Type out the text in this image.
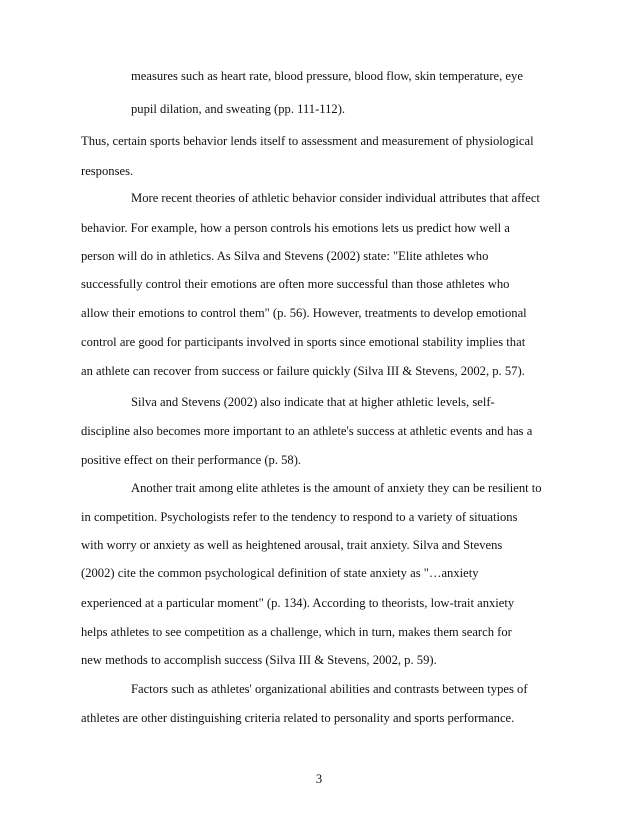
measures such as heart rate, blood pressure, blood flow, skin temperature, eye
pupil dilation, and sweating (pp. 111-112).
Thus, certain sports behavior lends itself to assessment and measurement of physiological
responses.
More recent theories of athletic behavior consider individual attributes that affect
behavior. For example, how a person controls his emotions lets us predict how well a
person will do in athletics. As Silva and Stevens (2002) state: "Elite athletes who
successfully control their emotions are often more successful than those athletes who
allow their emotions to control them" (p. 56). However, treatments to develop emotional
control are good for participants involved in sports since emotional stability implies that
an athlete can recover from success or failure quickly (Silva III & Stevens, 2002, p. 57).
Silva and Stevens (2002) also indicate that at higher athletic levels, self-
discipline also becomes more important to an athlete's success at athletic events and has a
positive effect on their performance (p. 58).
Another trait among elite athletes is the amount of anxiety they can be resilient to
in competition. Psychologists refer to the tendency to respond to a variety of situations
with worry or anxiety as well as heightened arousal, trait anxiety. Silva and Stevens
(2002) cite the common psychological definition of state anxiety as "…anxiety
experienced at a particular moment" (p. 134). According to theorists, low-trait anxiety
helps athletes to see competition as a challenge, which in turn, makes them search for
new methods to accomplish success (Silva III & Stevens, 2002, p. 59).
Factors such as athletes' organizational abilities and contrasts between types of
athletes are other distinguishing criteria related to personality and sports performance.
3
